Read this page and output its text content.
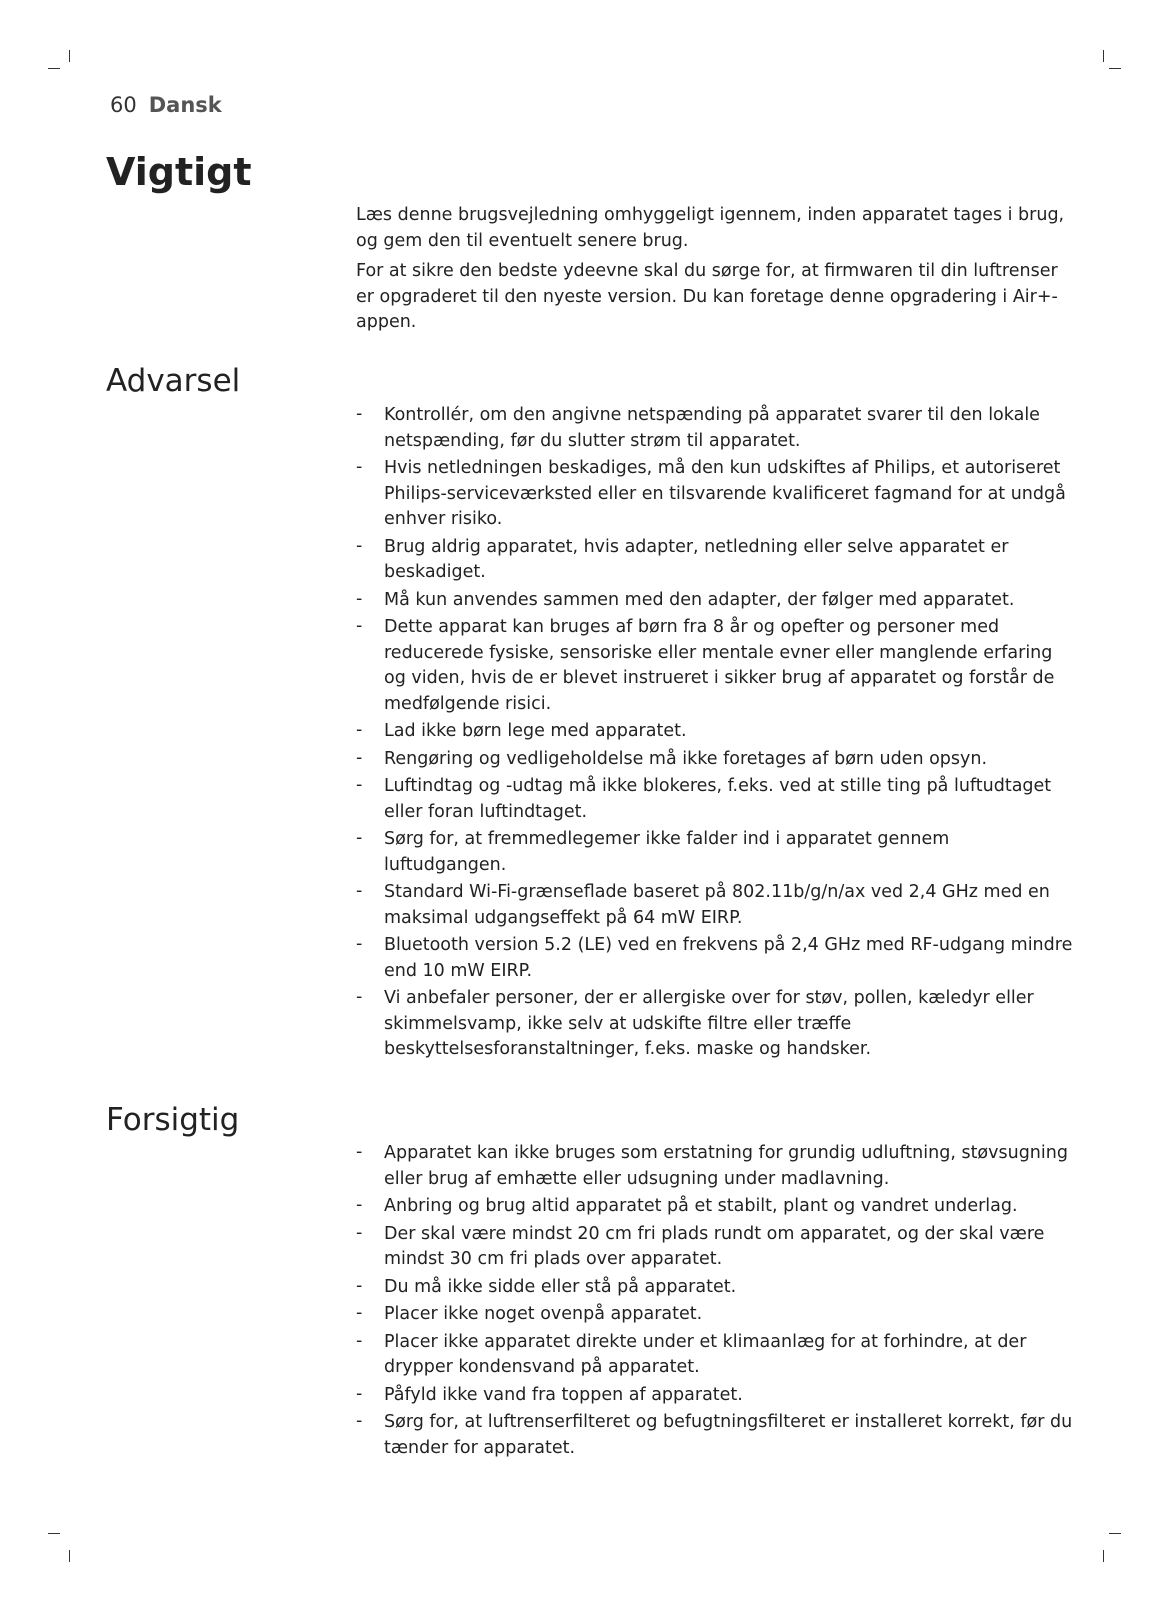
60 Dansk
Vigtigt

Læs denne brugsvejledning omhyggeligt igennem, inden apparatet tages i brug, og gem den til eventuelt senere brug.

For at sikre den bedste ydeevne skal du sørge for, at firmwaren til din luftrenser er opgraderet til den nyeste version. Du kan foretage denne opgradering i Air+-appen.

Advarsel
- Kontrollér, om den angivne netspænding på apparatet svarer til den lokale netspænding, før du slutter strøm til apparatet.
- Hvis netledningen beskadiges, må den kun udskiftes af Philips, et autoriseret Philips-serviceværksted eller en tilsvarende kvalificeret fagmand for at undgå enhver risiko.
- Brug aldrig apparatet, hvis adapter, netledning eller selve apparatet er beskadiget.
- Må kun anvendes sammen med den adapter, der følger med apparatet.
- Dette apparat kan bruges af børn fra 8 år og opefter og personer med reducerede fysiske, sensoriske eller mentale evner eller manglende erfaring og viden, hvis de er blevet instrueret i sikker brug af apparatet og forstår de medfølgende risici.
- Lad ikke børn lege med apparatet.
- Rengøring og vedligeholdelse må ikke foretages af børn uden opsyn.
- Luftindtag og -udtag må ikke blokeres, f.eks. ved at stille ting på luftudtaget eller foran luftindtaget.
- Sørg for, at fremmedlegemer ikke falder ind i apparatet gennem luftudgangen.
- Standard Wi-Fi-grænseflade baseret på 802.11b/g/n/ax ved 2,4 GHz med en maksimal udgangseffekt på 64 mW EIRP.
- Bluetooth version 5.2 (LE) ved en frekvens på 2,4 GHz med RF-udgang mindre end 10 mW EIRP.
- Vi anbefaler personer, der er allergiske over for støv, pollen, kæledyr eller skimmelsvamp, ikke selv at udskifte filtre eller træffe beskyttelsesforanstaltninger, f.eks. maske og handsker.
Forsigtig
- Apparatet kan ikke bruges som erstatning for grundig udluftning, støvsugning eller brug af emhætte eller udsugning under madlavning.
- Anbring og brug altid apparatet på et stabilt, plant og vandret underlag.
- Der skal være mindst 20 cm fri plads rundt om apparatet, og der skal være mindst 30 cm fri plads over apparatet.
- Du må ikke sidde eller stå på apparatet.
- Placer ikke noget ovenpå apparatet.
- Placer ikke apparatet direkte under et klimaanlæg for at forhindre, at der drypper kondensvand på apparatet.
- Påfyld ikke vand fra toppen af apparatet.
- Sørg for, at luftrenserfilteret og befugtningsfilteret er installeret korrekt, før du tænder for apparatet.
